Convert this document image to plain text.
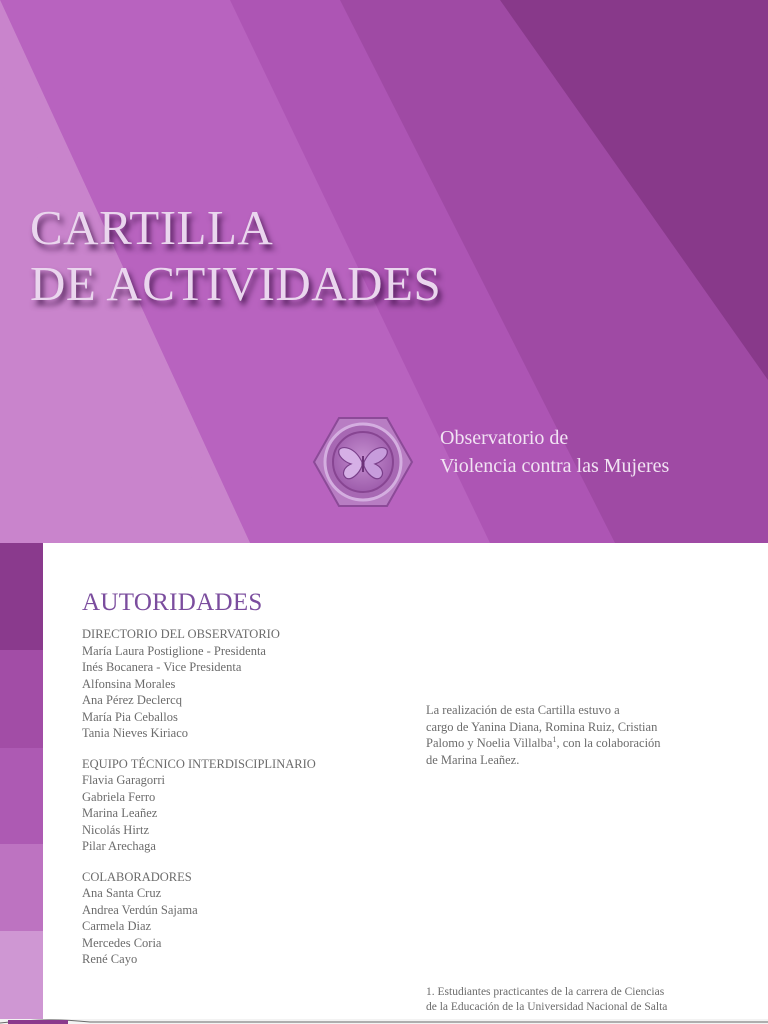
CARTILLA
DE ACTIVIDADES
Observatorio de
Violencia contra las Mujeres
AUTORIDADES
DIRECTORIO DEL OBSERVATORIO
María Laura Postiglione - Presidenta
Inés Bocanera - Vice Presidenta
Alfonsina Morales
Ana Pérez Declercq
María Pia Ceballos
Tania Nieves Kiriaco
EQUIPO TÉCNICO INTERDISCIPLINARIO
Flavia Garagorri
Gabriela Ferro
Marina Leañez
Nicolás Hirtz
Pilar Arechaga
COLABORADORES
Ana Santa Cruz
Andrea Verdún Sajama
Carmela Diaz
Mercedes Coria
René Cayo
La realización de esta Cartilla estuvo a
cargo de Yanina Diana, Romina Ruiz, Cristian
Palomo y Noelia Villalba$^1$, con la colaboración
de Marina Leañez.
1. Estudiantes practicantes de la carrera de Ciencias
de la Educación de la Universidad Nacional de Salta
